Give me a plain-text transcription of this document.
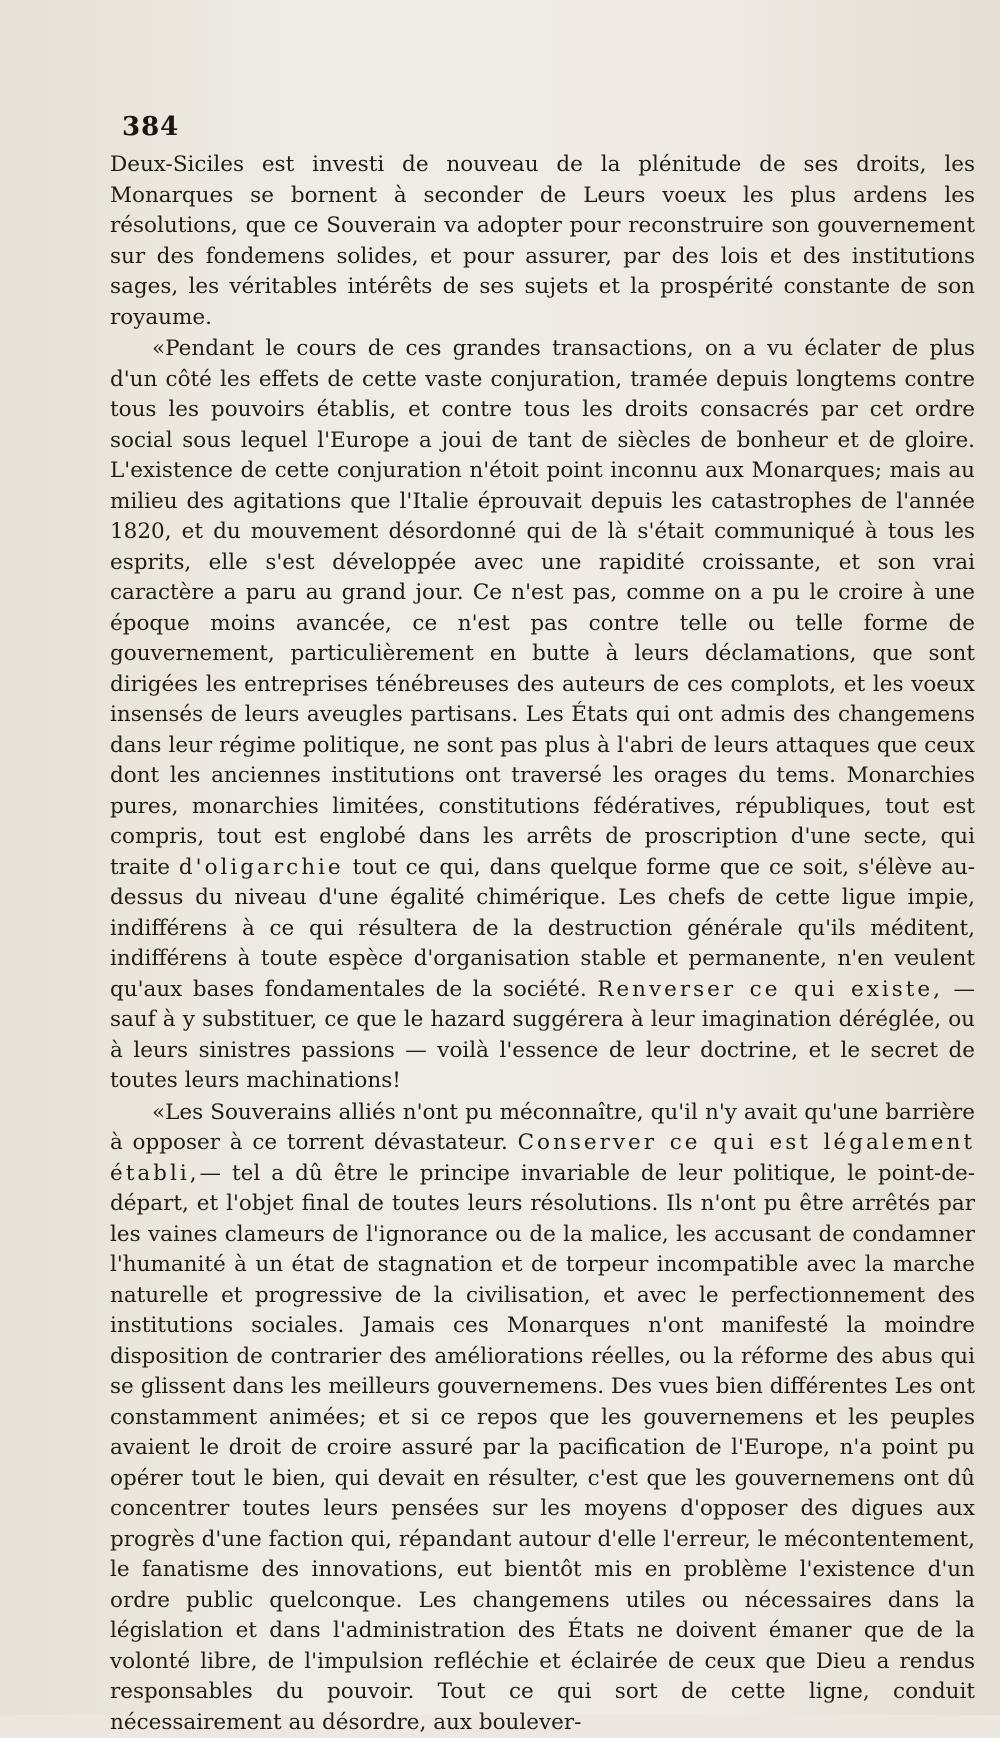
384

Deux-Siciles est investi de nouveau de la plénitude de ses droits, les Monarques se bornent à seconder de Leurs voeux les plus ardens les résolutions, que ce Souverain va adopter pour reconstruire son gouvernement sur des fondemens solides, et pour assurer, par des lois et des institutions sages, les véritables intérêts de ses sujets et la prospérité constante de son royaume.

«Pendant le cours de ces grandes transactions, on a vu éclater de plus d'un côté les effets de cette vaste conjuration, tramée depuis longtems contre tous les pouvoirs établis, et contre tous les droits consacrés par cet ordre social sous lequel l'Europe a joui de tant de siècles de bonheur et de gloire. L'existence de cette conjuration n'étoit point inconnu aux Monarques; mais au milieu des agitations que l'Italie éprouvait depuis les catastrophes de l'année 1820, et du mouvement désordonné qui de là s'était communiqué à tous les esprits, elle s'est développée avec une rapidité croissante, et son vrai caractère a paru au grand jour. Ce n'est pas, comme on a pu le croire à une époque moins avancée, ce n'est pas contre telle ou telle forme de gouvernement, particulièrement en butte à leurs déclamations, que sont dirigées les entreprises ténébreuses des auteurs de ces complots, et les voeux insensés de leurs aveugles partisans. Les États qui ont admis des changemens dans leur régime politique, ne sont pas plus à l'abri de leurs attaques que ceux dont les anciennes institutions ont traversé les orages du tems. Monarchies pures, monarchies limitées, constitutions fédératives, républiques, tout est compris, tout est englobé dans les arrêts de proscription d'une secte, qui traite d'oligarchie tout ce qui, dans quelque forme que ce soit, s'élève au-dessus du niveau d'une égalité chimérique. Les chefs de cette ligue impie, indifférens à ce qui résultera de la destruction générale qu'ils méditent, indifférens à toute espèce d'organisation stable et permanente, n'en veulent qu'aux bases fondamentales de la société. Renverser ce qui existe, — sauf à y substituer, ce que le hazard suggérera à leur imagination déréglée, ou à leurs sinistres passions — voilà l'essence de leur doctrine, et le secret de toutes leurs machinations!

«Les Souverains alliés n'ont pu méconnaître, qu'il n'y avait qu'une barrière à opposer à ce torrent dévastateur. Conserver ce qui est légalement établi,— tel a dû être le principe invariable de leur politique, le point-de-départ, et l'objet final de toutes leurs résolutions. Ils n'ont pu être arrêtés par les vaines clameurs de l'ignorance ou de la malice, les accusant de condamner l'humanité à un état de stagnation et de torpeur incompatible avec la marche naturelle et progressive de la civilisation, et avec le perfectionnement des institutions sociales. Jamais ces Monarques n'ont manifesté la moindre disposition de contrarier des améliorations réelles, ou la réforme des abus qui se glissent dans les meilleurs gouvernemens. Des vues bien différentes Les ont constamment animées; et si ce repos que les gouvernemens et les peuples avaient le droit de croire assuré par la pacification de l'Europe, n'a point pu opérer tout le bien, qui devait en résulter, c'est que les gouvernemens ont dû concentrer toutes leurs pensées sur les moyens d'opposer des digues aux progrès d'une faction qui, répandant autour d'elle l'erreur, le mécontentement, le fanatisme des innovations, eut bientôt mis en problème l'existence d'un ordre public quelconque. Les changemens utiles ou nécessaires dans la législation et dans l'administration des États ne doivent émaner que de la volonté libre, de l'impulsion refléchie et éclairée de ceux que Dieu a rendus responsables du pouvoir. Tout ce qui sort de cette ligne, conduit nécessairement au désordre, aux boulever-
